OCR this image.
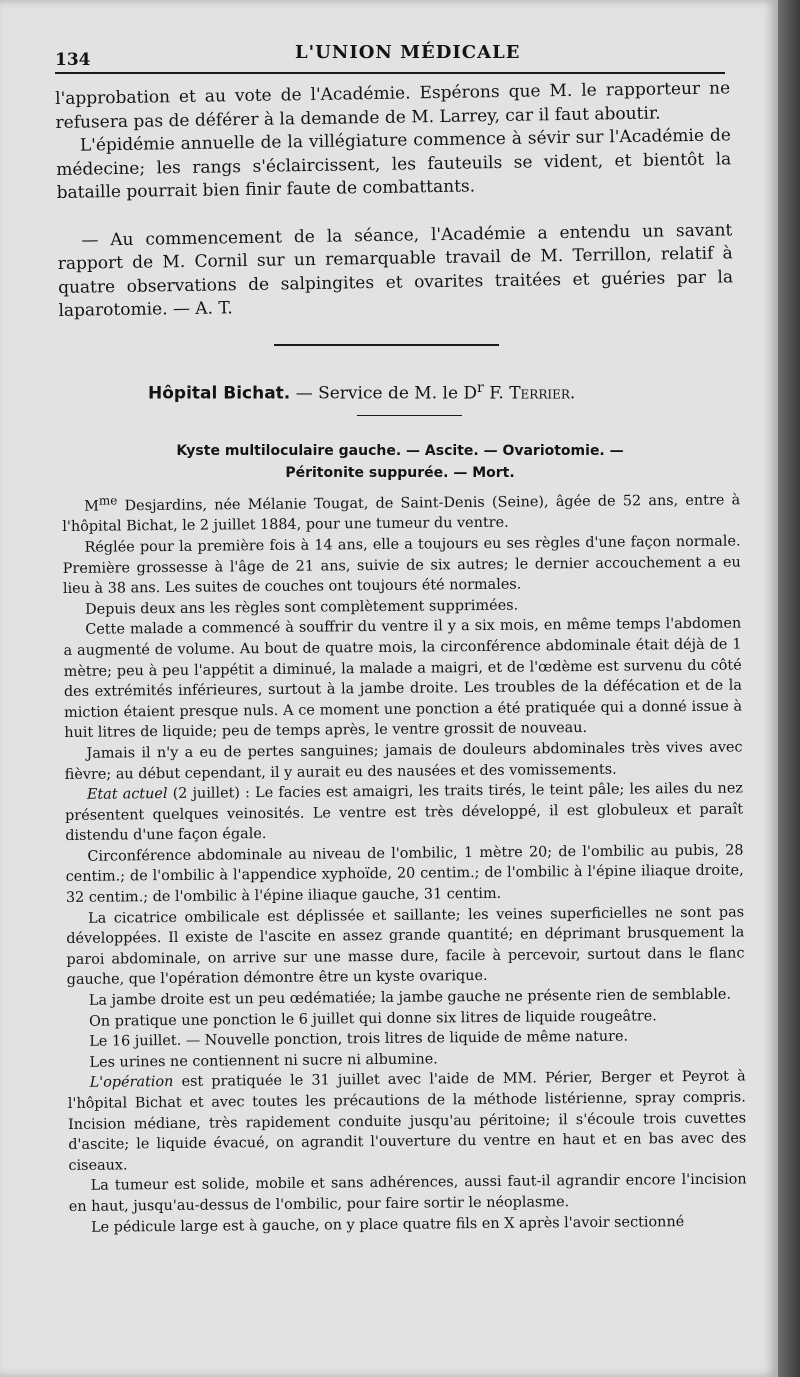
134	L'UNION MÉDICALE

l'approbation et au vote de l'Académie. Espérons que M. le rapporteur ne refusera pas de déférer à la demande de M. Larrey, car il faut aboutir.

L'épidémie annuelle de la villégiature commence à sévir sur l'Académie de médecine; les rangs s'éclaircissent, les fauteuils se vident, et bientôt la bataille pourrait bien finir faute de combattants.

— Au commencement de la séance, l'Académie a entendu un savant rapport de M. Cornil sur un remarquable travail de M. Terrillon, relatif à quatre observations de salpingites et ovarites traitées et guéries par la laparotomie. — A. T.

Hôpital Bichat. — Service de M. le $D^r$ F. Terrier.
Kyste multiloculaire gauche. — Ascite. — Ovariotomie. —
Péritonite suppurée. — Mort.

$M^{me}$ Desjardins, née Mélanie Tougat, de Saint-Denis (Seine), âgée de 52 ans, entre à l'hôpital Bichat, le 2 juillet 1884, pour une tumeur du ventre.

Réglée pour la première fois à 14 ans, elle a toujours eu ses règles d'une façon normale. Première grossesse à l'âge de 21 ans, suivie de six autres; le dernier accouchement a eu lieu à 38 ans. Les suites de couches ont toujours été normales.

Depuis deux ans les règles sont complètement supprimées.

Cette malade a commencé à souffrir du ventre il y a six mois, en même temps l'abdomen a augmenté de volume. Au bout de quatre mois, la circonférence abdominale était déjà de 1 mètre; peu à peu l'appétit a diminué, la malade a maigri, et de l'œdème est survenu du côté des extrémités inférieures, surtout à la jambe droite. Les troubles de la défécation et de la miction étaient presque nuls. A ce moment une ponction a été pratiquée qui a donné issue à huit litres de liquide; peu de temps après, le ventre grossit de nouveau.

Jamais il n'y a eu de pertes sanguines; jamais de douleurs abdominales très vives avec fièvre; au début cependant, il y aurait eu des nausées et des vomissements.

Etat actuel (2 juillet) : Le facies est amaigri, les traits tirés, le teint pâle; les ailes du nez présentent quelques veinosités. Le ventre est très développé, il est globuleux et paraît distendu d'une façon égale.

Circonférence abdominale au niveau de l'ombilic, 1 mètre 20; de l'ombilic au pubis, 28 centim.; de l'ombilic à l'appendice xyphoïde, 20 centim.; de l'ombilic à l'épine iliaque droite, 32 centim.; de l'ombilic à l'épine iliaque gauche, 31 centim.

La cicatrice ombilicale est déplissée et saillante; les veines superficielles ne sont pas développées. Il existe de l'ascite en assez grande quantité; en déprimant brusquement la paroi abdominale, on arrive sur une masse dure, facile à percevoir, surtout dans le flanc gauche, que l'opération démontre être un kyste ovarique.

La jambe droite est un peu œdématiée; la jambe gauche ne présente rien de semblable.

On pratique une ponction le 6 juillet qui donne six litres de liquide rougeâtre.

Le 16 juillet. — Nouvelle ponction, trois litres de liquide de même nature.

Les urines ne contiennent ni sucre ni albumine.

L'opération est pratiquée le 31 juillet avec l'aide de MM. Périer, Berger et Peyrot à l'hôpital Bichat et avec toutes les précautions de la méthode listérienne, spray compris. Incision médiane, très rapidement conduite jusqu'au péritoine; il s'écoule trois cuvettes d'ascite; le liquide évacué, on agrandit l'ouverture du ventre en haut et en bas avec des ciseaux.

La tumeur est solide, mobile et sans adhérences, aussi faut-il agrandir encore l'incision en haut, jusqu'au-dessus de l'ombilic, pour faire sortir le néoplasme.

Le pédicule large est à gauche, on y place quatre fils en X après l'avoir sectionné
